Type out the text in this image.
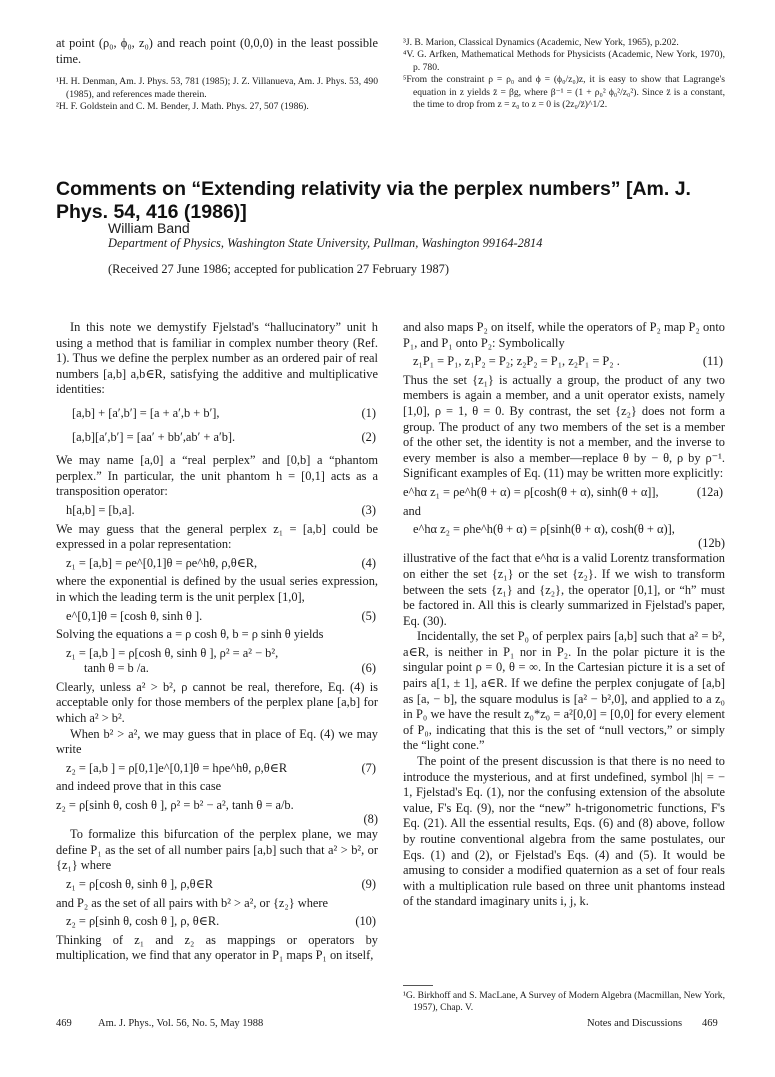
at point (ρ₀, ϕ₀, z₀) and reach point (0,0,0) in the least possible time.

¹H. H. Denman, Am. J. Phys. 53, 781 (1985); J. Z. Villanueva, Am. J. Phys. 53, 490 (1985), and references made therein.

²H. F. Goldstein and C. M. Bender, J. Math. Phys. 27, 507 (1986).

³J. B. Marion, Classical Dynamics (Academic, New York, 1965), p.202.

⁴V. G. Arfken, Mathematical Methods for Physicists (Academic, New York, 1970), p. 780.

⁵From the constraint ρ = ρ₀ and ϕ = (ϕ₀/z₀)z, it is easy to show that Lagrange's equation in z yields z̈ = βg, where β⁻¹ = (1 + ρ₀² ϕ₀²/z₀²). Since z̈ is a constant, the time to drop from z = z₀ to z = 0 is (2z₀/z̈)^1/2.

Comments on “Extending relativity via the perplex numbers” [Am. J. Phys. 54, 416 (1986)]
William Band
Department of Physics, Washington State University, Pullman, Washington 99164-2814
(Received 27 June 1986; accepted for publication 27 February 1987)

In this note we demystify Fjelstad's “hallucinatory” unit h using a method that is familiar in complex number theory (Ref. 1). Thus we define the perplex number as an ordered pair of real numbers [a,b] a,b∈R, satisfying the additive and multiplicative identities:

[a,b] + [a′,b′] = [a + a′,b + b′],	(1)
[a,b][a′,b′] = [aa′ + bb′,ab′ + a′b].	(2)

We may name [a,0] a “real perplex” and [0,b] a “phantom perplex.” In particular, the unit phantom h = [0,1] acts as a transposition operator:

h[a,b] = [b,a].	(3)

We may guess that the general perplex z₁ = [a,b] could be expressed in a polar representation:

z₁ = [a,b] = ρe^[0,1]θ = ρe^hθ, ρ,θ∈R,	(4)

where the exponential is defined by the usual series expression, in which the leading term is the unit perplex [1,0],

e^[0,1]θ = [cosh θ, sinh θ ].	(5)

Solving the equations a = ρ cosh θ, b = ρ sinh θ yields

z₁ = [a,b ] = ρ[cosh θ, sinh θ ], ρ² = a² − b²,
tanh θ = b /a.	(6)

Clearly, unless a² > b², ρ cannot be real, therefore, Eq. (4) is acceptable only for those members of the perplex plane [a,b] for which a² > b².

When b² > a², we may guess that in place of Eq. (4) we may write

z₂ = [a,b ] = ρ[0,1]e^[0,1]θ = hρe^hθ, ρ,θ∈R	(7)

and indeed prove that in this case

z₂ = ρ[sinh θ, cosh θ ], ρ² = b² − a², tanh θ = a/b.
(8)

To formalize this bifurcation of the perplex plane, we may define P₁ as the set of all number pairs [a,b] such that a² > b², or {z₁} where

z₁ = ρ[cosh θ, sinh θ ], ρ,θ∈R	(9)

and P₂ as the set of all pairs with b² > a², or {z₂} where

z₂ = ρ[sinh θ, cosh θ ], ρ, θ∈R.	(10)

Thinking of z₁ and z₂ as mappings or operators by multiplication, we find that any operator in P₁ maps P₁ on itself,

and also maps P₂ on itself, while the operators of P₂ map P₂ onto P₁, and P₁ onto P₂: Symbolically

z₁P₁ = P₁, z₁P₂ = P₂; z₂P₂ = P₁, z₂P₁ = P₂ .	(11)

Thus the set {z₁} is actually a group, the product of any two members is again a member, and a unit operator exists, namely [1,0], ρ = 1, θ = 0. By contrast, the set {z₂} does not form a group. The product of any two members of the set is a member of the other set, the identity is not a member, and the inverse to every member is also a member—replace θ by − θ, ρ by ρ⁻¹. Significant examples of Eq. (11) may be written more explicitly:

e^hα z₁ = ρe^h(θ + α) = ρ[cosh(θ + α), sinh(θ + α]],	(12a)

and

e^hα z₂ = ρhe^h(θ + α) = ρ[sinh(θ + α), cosh(θ + α)],
(12b)

illustrative of the fact that e^hα is a valid Lorentz transformation on either the set {z₁} or the set {z₂}. If we wish to transform between the sets {z₁} and {z₂}, the operator [0,1], or “h” must be factored in. All this is clearly summarized in Fjelstad's paper, Eq. (30).

Incidentally, the set P₀ of perplex pairs [a,b] such that a² = b², a∈R, is neither in P₁ nor in P₂. In the polar picture it is the singular point ρ = 0, θ = ∞. In the Cartesian picture it is a set of pairs a[1, ± 1], a∈R. If we define the perplex conjugate of [a,b] as [a, − b], the square modulus is [a² − b²,0], and applied to a z₀ in P₀ we have the result z₀*z₀ = a²[0,0] = [0,0] for every element of P₀, indicating that this is the set of “null vectors,” or simply the “light cone.”

The point of the present discussion is that there is no need to introduce the mysterious, and at first undefined, symbol |h| = − 1, Fjelstad's Eq. (1), nor the confusing extension of the absolute value, F's Eq. (9), nor the “new” h-trigonometric functions, F's Eq. (21). All the essential results, Eqs. (6) and (8) above, follow by routine conventional algebra from the same postulates, our Eqs. (1) and (2), or Fjelstad's Eqs. (4) and (5). It would be amusing to consider a modified quaternion as a set of four reals with a multiplication rule based on three unit phantoms instead of the standard imaginary units i, j, k.

¹G. Birkhoff and S. MacLane, A Survey of Modern Algebra (Macmillan, New York, 1957), Chap. V.

469	Am. J. Phys., Vol. 56, No. 5, May 1988	Notes and Discussions 469
